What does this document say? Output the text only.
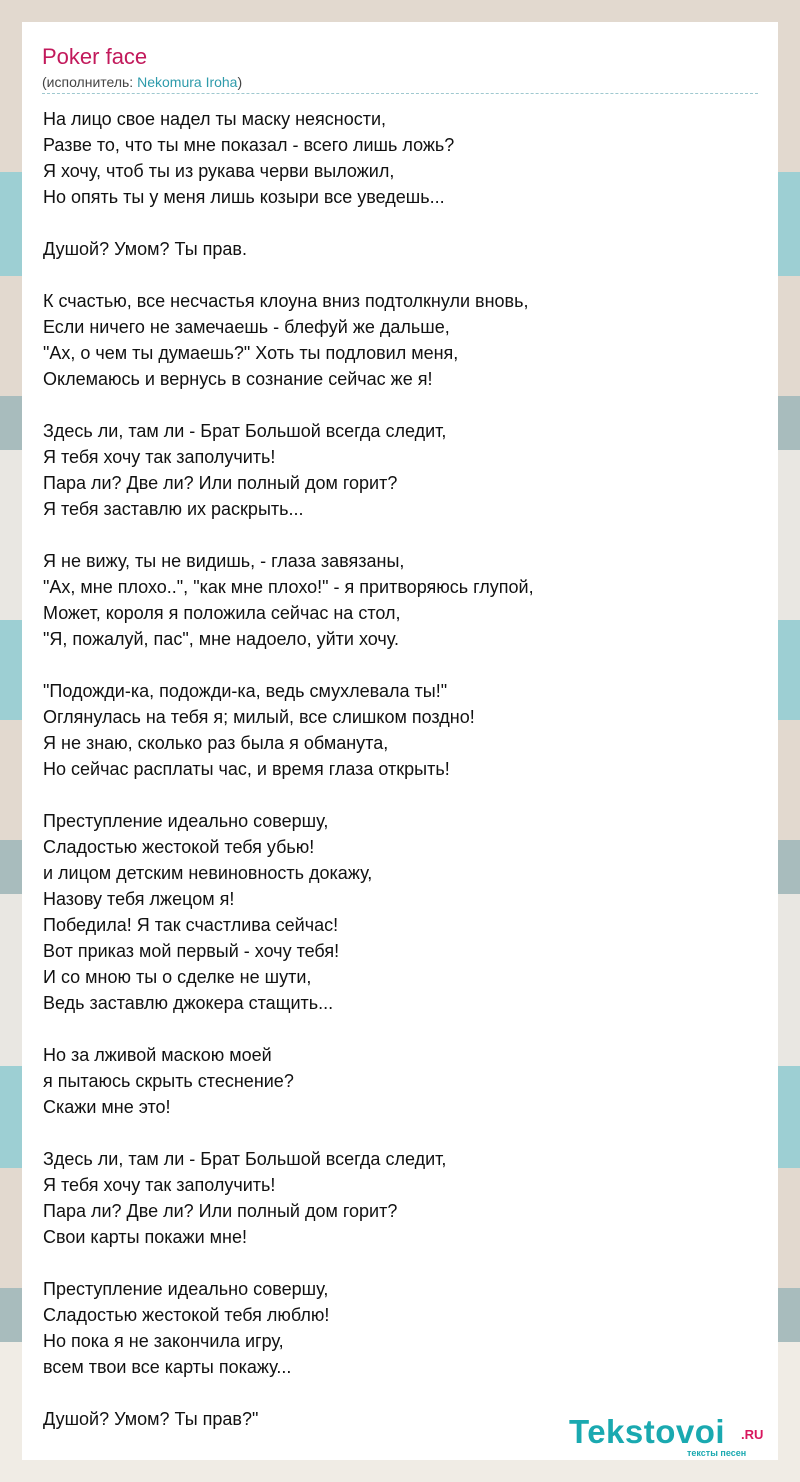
Poker face
(исполнитель: Nekomura Iroha)
На лицо свое надел ты маску неясности,
Разве то, что ты мне показал - всего лишь ложь?
Я хочу, чтоб ты из рукава черви выложил,
Но опять ты у меня лишь козыри все уведешь...
Душой? Умом? Ты прав.
К счастью, все несчастья клоуна вниз подтолкнули вновь,
Если ничего не замечаешь - блефуй же дальше,
"Ах, о чем ты думаешь?" Хоть ты подловил меня,
Оклемаюсь и вернусь в сознание сейчас же я!
Здесь ли, там ли - Брат Большой всегда следит,
Я тебя хочу так заполучить!
Пара ли? Две ли? Или полный дом горит?
Я тебя заставлю их раскрыть...
Я не вижу, ты не видишь, - глаза завязаны,
"Ах, мне плохо..", "как мне плохо!" - я притворяюсь глупой,
Может, короля я положила сейчас на стол,
"Я, пожалуй, пас", мне надоело, уйти хочу.
"Подожди-ка, подожди-ка, ведь смухлевала ты!"
Оглянулась на тебя я; милый, все слишком поздно!
Я не знаю, сколько раз была я обманута,
Но сейчас расплаты час, и время глаза открыть!
Преступление идеально совершу,
Сладостью жестокой тебя убью!
и лицом детским невиновность докажу,
Назову тебя лжецом я!
Победила! Я так счастлива сейчас!
Вот приказ мой первый - хочу тебя!
И со мною ты о сделке не шути,
Ведь заставлю джокера стащить...
Но за лживой маскою моей
я пытаюсь скрыть стеснение?
Скажи мне это!
Здесь ли, там ли - Брат Большой всегда следит,
Я тебя хочу так заполучить!
Пара ли? Две ли? Или полный дом горит?
Свои карты покажи мне!
Преступление идеально совершу,
Сладостью жестокой тебя люблю!
Но пока я не закончила игру,
всем твои все карты покажу...
Душой? Умом? Ты прав?"	Tekstovoi .RU
тексты песен
